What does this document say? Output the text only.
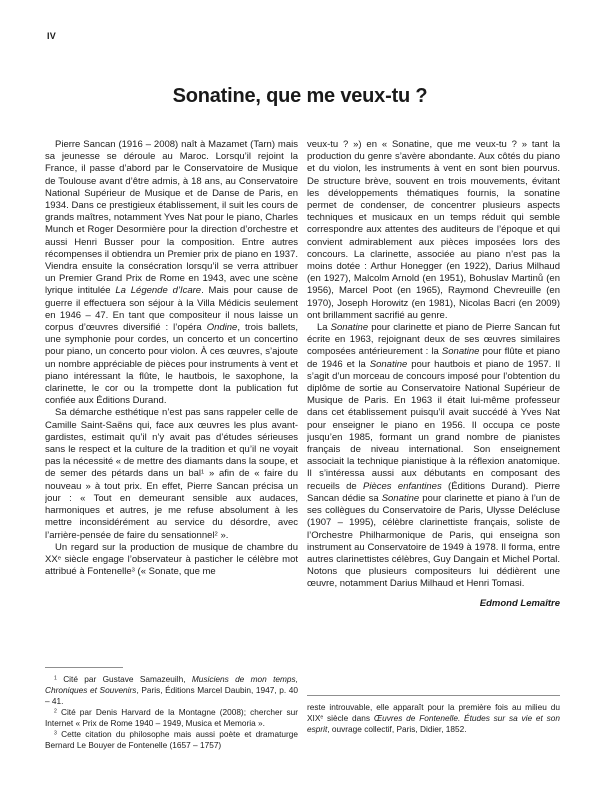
IV
Sonatine, que me veux-tu ?

Pierre Sancan (1916 – 2008) naît à Mazamet (Tarn) mais sa jeunesse se déroule au Maroc. Lorsqu’il rejoint la France, il passe d’abord par le Conservatoire de Musique de Toulouse avant d’être admis, à 18 ans, au Conservatoire National Supérieur de Musique et de Danse de Paris, en 1934. Dans ce prestigieux établissement, il suit les cours de grands maîtres, notamment Yves Nat pour le piano, Charles Munch et Roger Desormière pour la direction d’orchestre et aussi Henri Busser pour la composition. Entre autres récompenses il obtiendra un Premier prix de piano en 1937. Viendra ensuite la consécration lorsqu’il se verra attribuer un Premier Grand Prix de Rome en 1943, avec une scène lyrique intitulée La Légende d’Icare. Mais pour cause de guerre il effectuera son séjour à la Villa Médicis seulement en 1946 – 47. En tant que compositeur il nous laisse un corpus d’œuvres diversifié : l’opéra Ondine, trois ballets, une symphonie pour cordes, un concerto et un concertino pour piano, un concerto pour violon. À ces œuvres, s’ajoute un nombre appréciable de pièces pour instruments à vent et piano intéressant la flûte, le hautbois, le saxophone, la clarinette, le cor ou la trompette dont la publication fut confiée aux Éditions Durand.

Sa démarche esthétique n’est pas sans rappeler celle de Camille Saint-Saëns qui, face aux œuvres les plus avant-gardistes, estimait qu’il n’y avait pas d’études sérieuses sans le respect et la culture de la tradition et qu’il ne voyait pas la nécessité « de mettre des diamants dans la soupe, et de semer des pétards dans un bal$^1$ » afin de « faire du nouveau » à tout prix. En effet, Pierre Sancan précisa un jour : « Tout en demeurant sensible aux audaces, harmoniques et autres, je me refuse absolument à les mettre inconsidérément au service du désordre, avec l’arrière-pensée de faire du sensationnel$^2$ ».

Un regard sur la production de musique de chambre du XXe siècle engage l’observateur à pasticher le célèbre mot attribué à Fontenelle$^3$ (« Sonate, que me

$^1$ Cité par Gustave Samazeuilh, Musiciens de mon temps, Chroniques et Souvenirs, Paris, Éditions Marcel Daubin, 1947, p. 40 – 41.

$^2$ Cité par Denis Harvard de la Montagne (2008); chercher sur Internet « Prix de Rome 1940 – 1949, Musica et Memoria ».

$^3$ Cette citation du philosophe mais aussi poète et dramaturge Bernard Le Bouyer de Fontenelle (1657 – 1757)

veux-tu ? ») en « Sonatine, que me veux-tu ? » tant la production du genre s’avère abondante. Aux côtés du piano et du violon, les instruments à vent en sont bien pourvus. De structure brève, souvent en trois mouvements, évitant les développements thématiques fournis, la sonatine permet de condenser, de concentrer plusieurs aspects techniques et musicaux en un temps réduit qui semble correspondre aux attentes des auditeurs de l’époque et qui convient admirablement aux pièces imposées lors des concours. La clarinette, associée au piano n’est pas la moins dotée : Arthur Honegger (en 1922), Darius Milhaud (en 1927), Malcolm Arnold (en 1951), Bohuslav Martinů (en 1956), Marcel Poot (en 1965), Raymond Chevreuille (en 1970), Joseph Horowitz (en 1981), Nicolas Bacri (en 2009) ont brillamment sacrifié au genre.

La Sonatine pour clarinette et piano de Pierre Sancan fut écrite en 1963, rejoignant deux de ses œuvres similaires composées antérieurement : la Sonatine pour flûte et piano de 1946 et la Sonatine pour hautbois et piano de 1957. Il s’agit d’un morceau de concours imposé pour l’obtention du diplôme de sortie au Conservatoire National Supérieur de Musique de Paris. En 1963 il était lui-même professeur dans cet établissement puisqu’il avait succédé à Yves Nat pour enseigner le piano en 1956. Il occupa ce poste jusqu’en 1985, formant un grand nombre de pianistes français de niveau international. Son enseignement associait la technique pianistique à la réflexion anatomique. Il s’intéressa aussi aux débutants en composant des recueils de Pièces enfantines (Éditions Durand). Pierre Sancan dédie sa Sonatine pour clarinette et piano à l’un de ses collègues du Conservatoire de Paris, Ulysse Delécluse (1907 – 1995), célèbre clarinettiste français, soliste de l’Orchestre Philharmonique de Paris, qui enseigna son instrument au Conservatoire de 1949 à 1978. Il forma, entre autres clarinettistes célèbres, Guy Dangain et Michel Portal. Notons que plusieurs compositeurs lui dédièrent une œuvre, notamment Darius Milhaud et Henri Tomasi.

Edmond Lemaître

reste introuvable, elle apparaît pour la première fois au milieu du XIXe siècle dans Œuvres de Fontenelle. Études sur sa vie et son esprit, ouvrage collectif, Paris, Didier, 1852.
